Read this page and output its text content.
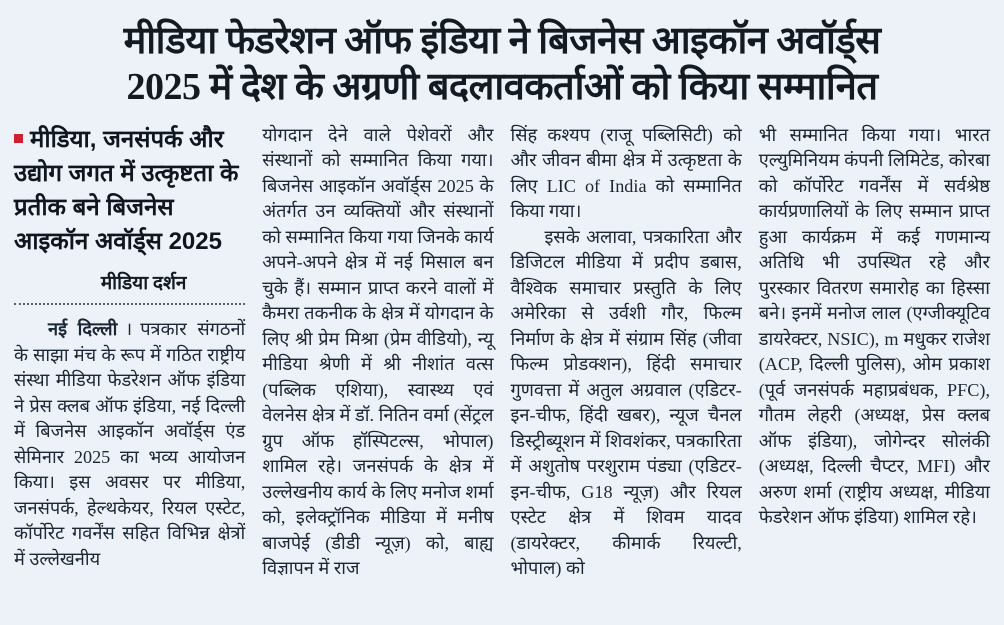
मीडिया फेडरेशन ऑफ इंडिया ने बिजनेस आइकॉन अवॉर्ड्स
2025 में देश के अग्रणी बदलावकर्ताओं को किया सम्मानित

मीडिया, जनसंपर्क और उद्योग जगत में उत्कृष्टता के प्रतीक बने बिजनेस आइकॉन अवॉर्ड्स 2025

मीडिया दर्शन

नई दिल्ली । पत्रकार संगठनों के साझा मंच के रूप में गठित राष्ट्रीय संस्था मीडिया फेडरेशन ऑफ इंडिया ने प्रेस क्लब ऑफ इंडिया, नई दिल्ली में बिजनेस आइकॉन अवॉर्ड्स एंड सेमिनार 2025 का भव्य आयोजन किया। इस अवसर पर मीडिया, जनसंपर्क, हेल्थकेयर, रियल एस्टेट, कॉर्पोरेट गवर्नेंस सहित विभिन्न क्षेत्रों में उल्लेखनीय

योगदान देने वाले पेशेवरों और संस्थानों को सम्मानित किया गया। बिजनेस आइकॉन अवॉर्ड्स 2025 के अंतर्गत उन व्यक्तियों और संस्थानों को सम्मानित किया गया जिनके कार्य अपने-अपने क्षेत्र में नई मिसाल बन चुके हैं। सम्मान प्राप्त करने वालों में कैमरा तकनीक के क्षेत्र में योगदान के लिए श्री प्रेम मिश्रा (प्रेम वीडियो), न्यू मीडिया श्रेणी में श्री नीशांत वत्स (पब्लिक एशिया), स्वास्थ्य एवं वेलनेस क्षेत्र में डॉ. नितिन वर्मा (सेंट्रल ग्रुप ऑफ हॉस्पिटल्स, भोपाल) शामिल रहे। जनसंपर्क के क्षेत्र में उल्लेखनीय कार्य के लिए मनोज शर्मा को, इलेक्ट्रॉनिक मीडिया में मनीष बाजपेई (डीडी न्यूज़) को, बाह्य विज्ञापन में राज

सिंह कश्यप (राजू पब्लिसिटी) को और जीवन बीमा क्षेत्र में उत्कृष्टता के लिए LIC of India को सम्मानित किया गया।

इसके अलावा, पत्रकारिता और डिजिटल मीडिया में प्रदीप डबास, वैश्विक समाचार प्रस्तुति के लिए अमेरिका से उर्वशी गौर, फिल्म निर्माण के क्षेत्र में संग्राम सिंह (जीवा फिल्म प्रोडक्शन), हिंदी समाचार गुणवत्ता में अतुल अग्रवाल (एडिटर-इन-चीफ, हिंदी खबर), न्यूज चैनल डिस्ट्रीब्यूशन में शिवशंकर, पत्रकारिता में अशुतोष परशुराम पंड्या (एडिटर-इन-चीफ, G18 न्यूज़) और रियल एस्टेट क्षेत्र में शिवम यादव (डायरेक्टर, कीमार्क रियल्टी, भोपाल) को

भी सम्मानित किया गया। भारत एल्युमिनियम कंपनी लिमिटेड, कोरबा को कॉर्पोरेट गवर्नेंस में सर्वश्रेष्ठ कार्यप्रणालियों के लिए सम्मान प्राप्त हुआ कार्यक्रम में कई गणमान्य अतिथि भी उपस्थित रहे और पुरस्कार वितरण समारोह का हिस्सा बने। इनमें मनोज लाल (एग्जीक्यूटिव डायरेक्टर, NSIC), m मधुकर राजेश (ACP, दिल्ली पुलिस), ओम प्रकाश (पूर्व जनसंपर्क महाप्रबंधक, PFC), गौतम लेहरी (अध्यक्ष, प्रेस क्लब ऑफ इंडिया), जोगेन्दर सोलंकी (अध्यक्ष, दिल्ली चैप्टर, MFI) और अरुण शर्मा (राष्ट्रीय अध्यक्ष, मीडिया फेडरेशन ऑफ इंडिया) शामिल रहे।
